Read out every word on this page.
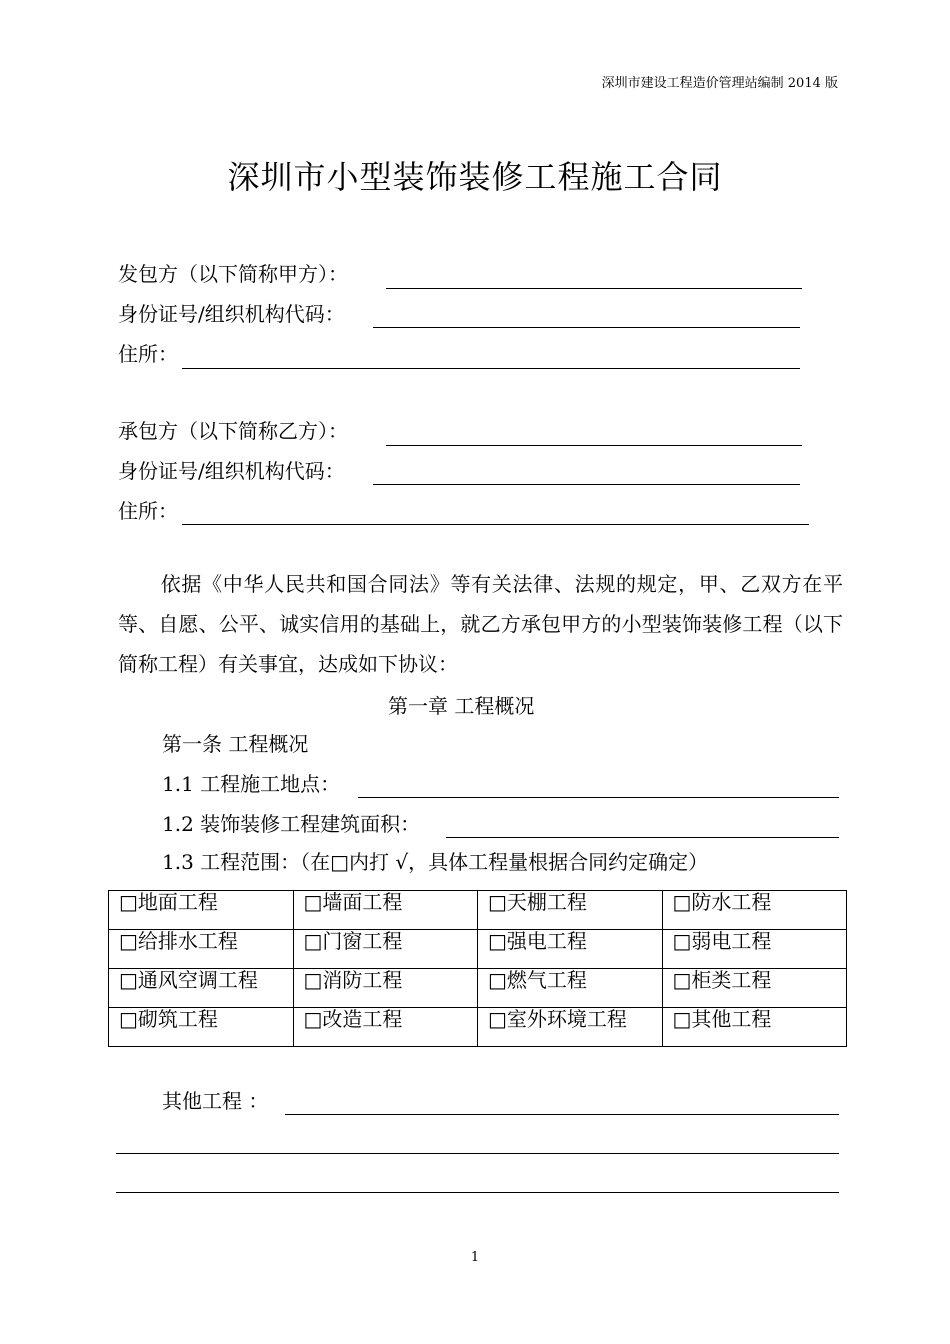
深圳市建设工程造价管理站编制 2014 版
深圳市小型装饰装修工程施工合同
发包方（以下简称甲方）：
身份证号/组织机构代码：
住所：
承包方（以下简称乙方）：
身份证号/组织机构代码：
住所：
依据《中华人民共和国合同法》等有关法律、法规的规定，甲、乙双方在平等、自愿、公平、诚实信用的基础上，就乙方承包甲方的小型装饰装修工程（以下简称工程）有关事宜，达成如下协议：
第一章 工程概况
第一条 工程概况
1.1 工程施工地点：
1.2 装饰装修工程建筑面积：
1.3 工程范围：（在□内打 √，具体工程量根据合同约定确定）
□地面工程	□墙面工程	□天棚工程	□防水工程
□给排水工程	□门窗工程	□强电工程	□弱电工程
□通风空调工程	□消防工程	□燃气工程	□柜类工程
□砌筑工程	□改造工程	□室外环境工程	□其他工程
其他工程 ：
1
